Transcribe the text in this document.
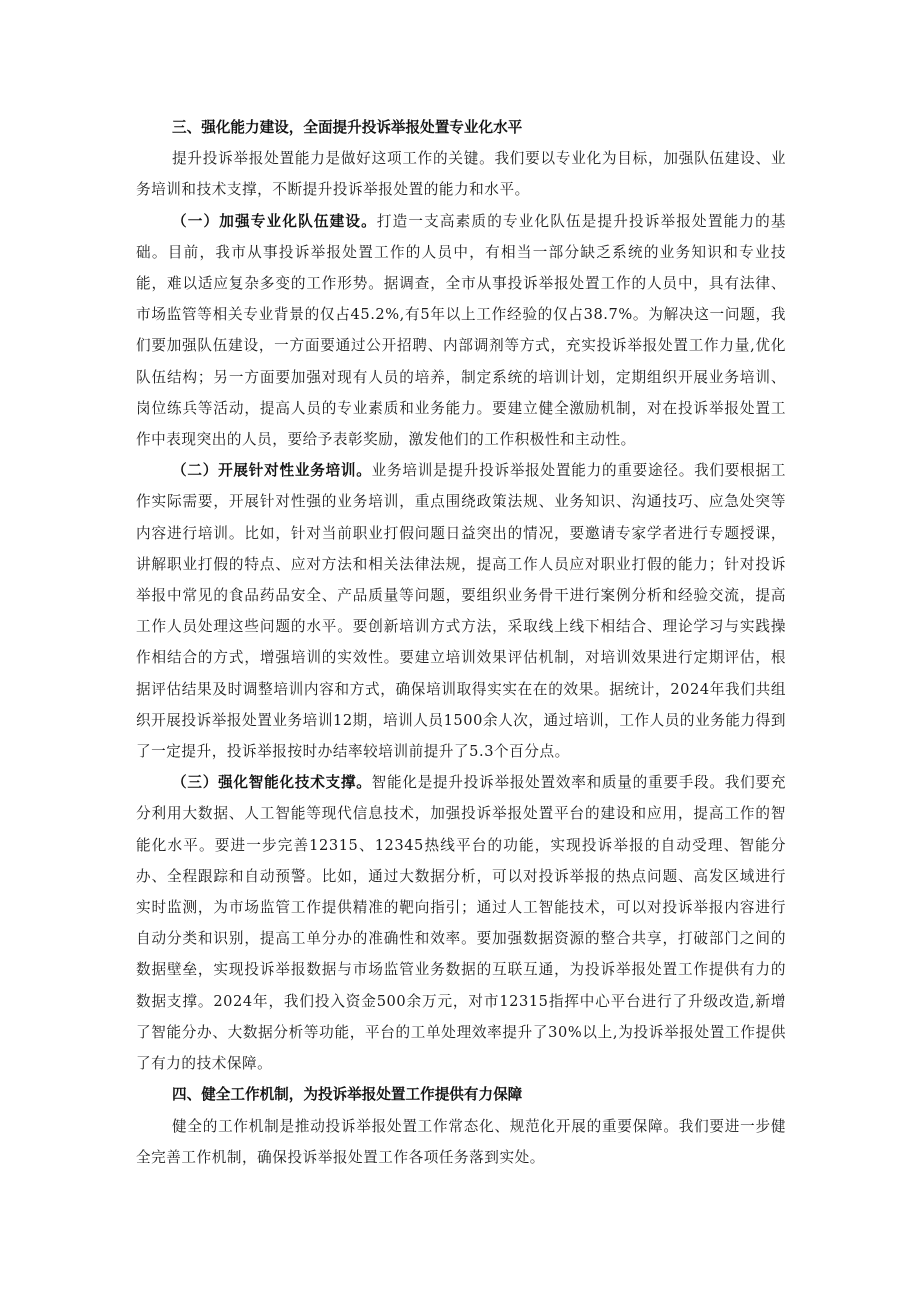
三、强化能力建设，全面提升投诉举报处置专业化水平

提升投诉举报处置能力是做好这项工作的关键。我们要以专业化为目标，加强队伍建设、业务培训和技术支撑，不断提升投诉举报处置的能力和水平。

（一）加强专业化队伍建设。打造一支高素质的专业化队伍是提升投诉举报处置能力的基础。目前，我市从事投诉举报处置工作的人员中，有相当一部分缺乏系统的业务知识和专业技能，难以适应复杂多变的工作形势。据调查，全市从事投诉举报处置工作的人员中，具有法律、市场监管等相关专业背景的仅占45.2%,有5年以上工作经验的仅占38.7%。为解决这一问题，我们要加强队伍建设，一方面要通过公开招聘、内部调剂等方式，充实投诉举报处置工作力量,优化队伍结构；另一方面要加强对现有人员的培养，制定系统的培训计划，定期组织开展业务培训、岗位练兵等活动，提高人员的专业素质和业务能力。要建立健全激励机制，对在投诉举报处置工作中表现突出的人员，要给予表彰奖励，激发他们的工作积极性和主动性。

（二）开展针对性业务培训。业务培训是提升投诉举报处置能力的重要途径。我们要根据工作实际需要，开展针对性强的业务培训，重点围绕政策法规、业务知识、沟通技巧、应急处突等内容进行培训。比如，针对当前职业打假问题日益突出的情况，要邀请专家学者进行专题授课，讲解职业打假的特点、应对方法和相关法律法规，提高工作人员应对职业打假的能力；针对投诉举报中常见的食品药品安全、产品质量等问题，要组织业务骨干进行案例分析和经验交流，提高工作人员处理这些问题的水平。要创新培训方式方法，采取线上线下相结合、理论学习与实践操作相结合的方式，增强培训的实效性。要建立培训效果评估机制，对培训效果进行定期评估，根据评估结果及时调整培训内容和方式，确保培训取得实实在在的效果。据统计，2024年我们共组织开展投诉举报处置业务培训12期，培训人员1500余人次，通过培训，工作人员的业务能力得到了一定提升，投诉举报按时办结率较培训前提升了5.3个百分点。

（三）强化智能化技术支撑。智能化是提升投诉举报处置效率和质量的重要手段。我们要充分利用大数据、人工智能等现代信息技术，加强投诉举报处置平台的建设和应用，提高工作的智能化水平。要进一步完善12315、12345热线平台的功能，实现投诉举报的自动受理、智能分办、全程跟踪和自动预警。比如，通过大数据分析，可以对投诉举报的热点问题、高发区域进行实时监测，为市场监管工作提供精准的靶向指引；通过人工智能技术，可以对投诉举报内容进行自动分类和识别，提高工单分办的准确性和效率。要加强数据资源的整合共享，打破部门之间的数据壁垒，实现投诉举报数据与市场监管业务数据的互联互通，为投诉举报处置工作提供有力的数据支撑。2024年，我们投入资金500余万元，对市12315指挥中心平台进行了升级改造,新增了智能分办、大数据分析等功能，平台的工单处理效率提升了30%以上,为投诉举报处置工作提供了有力的技术保障。

四、健全工作机制，为投诉举报处置工作提供有力保障

健全的工作机制是推动投诉举报处置工作常态化、规范化开展的重要保障。我们要进一步健全完善工作机制，确保投诉举报处置工作各项任务落到实处。
